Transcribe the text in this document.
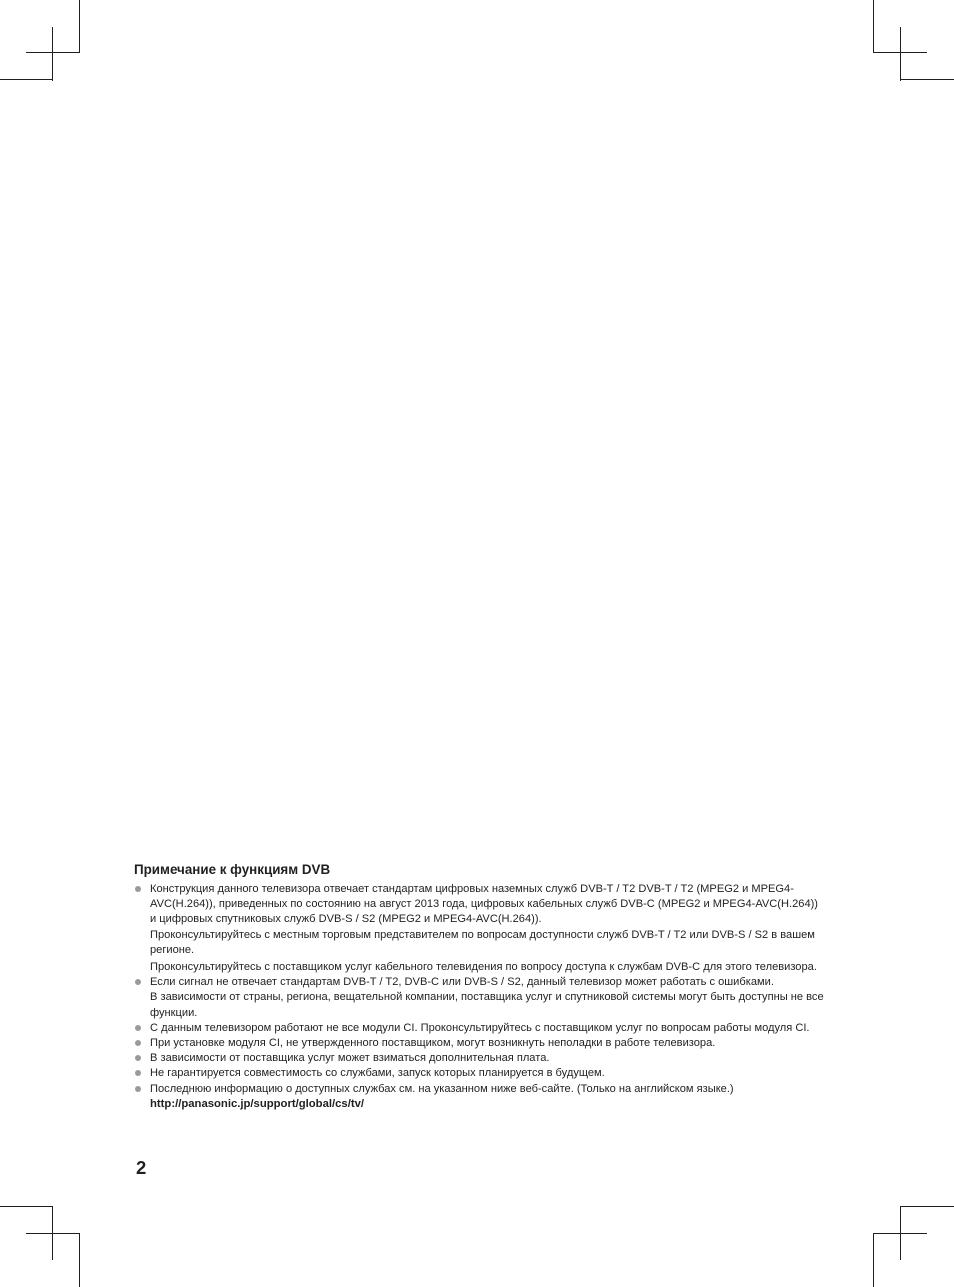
Примечание к функциям DVB

Конструкция данного телевизора отвечает стандартам цифровых наземных служб DVB-T / T2 DVB-T / T2 (MPEG2 и MPEG4-AVC(H.264)), приведенных по состоянию на август 2013 года, цифровых кабельных служб DVB-C (MPEG2 и MPEG4-AVC(H.264)) и цифровых спутниковых служб DVB-S / S2 (MPEG2 и MPEG4-AVC(H.264)).

Проконсультируйтесь с местным торговым представителем по вопросам доступности служб DVB-T / T2 или DVB-S / S2 в вашем регионе.

Проконсультируйтесь с поставщиком услуг кабельного телевидения по вопросу доступа к службам DVB-C для этого телевизора.

Если сигнал не отвечает стандартам DVB-T / T2, DVB-C или DVB-S / S2, данный телевизор может работать с ошибками.

В зависимости от страны, региона, вещательной компании, поставщика услуг и спутниковой системы могут быть доступны не все функции.

С данным телевизором работают не все модули CI. Проконсультируйтесь с поставщиком услуг по вопросам работы модуля CI.

При установке модуля CI, не утвержденного поставщиком, могут возникнуть неполадки в работе телевизора.

В зависимости от поставщика услуг может взиматься дополнительная плата.

Не гарантируется совместимость со службами, запуск которых планируется в будущем.

Последнюю информацию о доступных службах см. на указанном ниже веб-сайте. (Только на английском языке.)

http://panasonic.jp/support/global/cs/tv/
2
